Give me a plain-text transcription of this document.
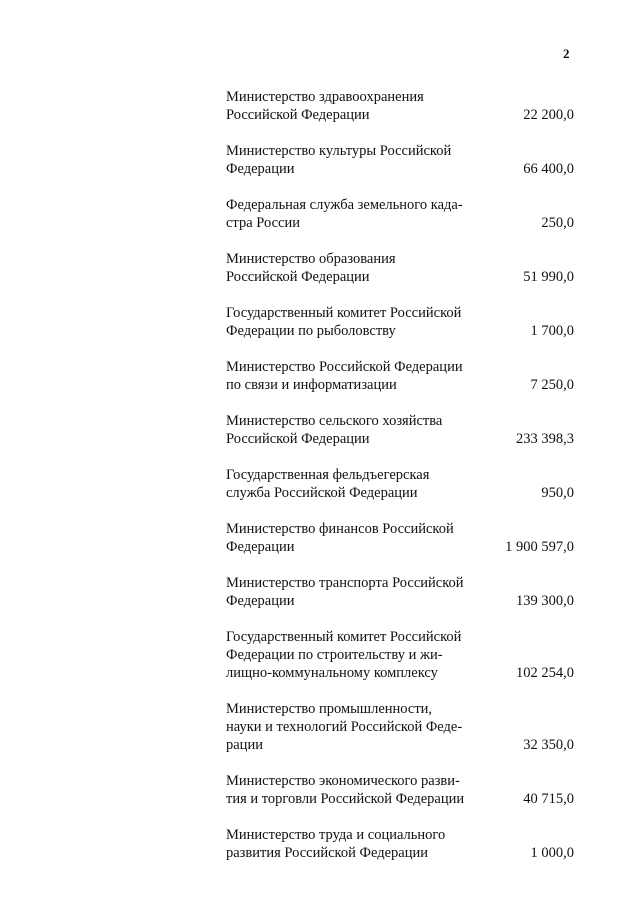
2
Министерство здравоохранения
Российской Федерации	22 200,0
Министерство культуры Российской
Федерации	66 400,0
Федеральная служба земельного када-
стра России	250,0
Министерство образования
Российской Федерации	51 990,0
Государственный комитет Российской
Федерации по рыболовству	1 700,0
Министерство Российской Федерации
по связи и информатизации	7 250,0
Министерство сельского хозяйства
Российской Федерации	233 398,3
Государственная фельдъегерская
служба Российской Федерации	950,0
Министерство финансов Российской
Федерации	1 900 597,0
Министерство транспорта Российской
Федерации	139 300,0
Государственный комитет Российской
Федерации по строительству и жи-
лищно-коммунальному комплексу	102 254,0
Министерство промышленности,
науки и технологий Российской Феде-
рации	32 350,0
Министерство экономического разви-
тия и торговли Российской Федерации	40 715,0
Министерство труда и социального
развития Российской Федерации	1 000,0
